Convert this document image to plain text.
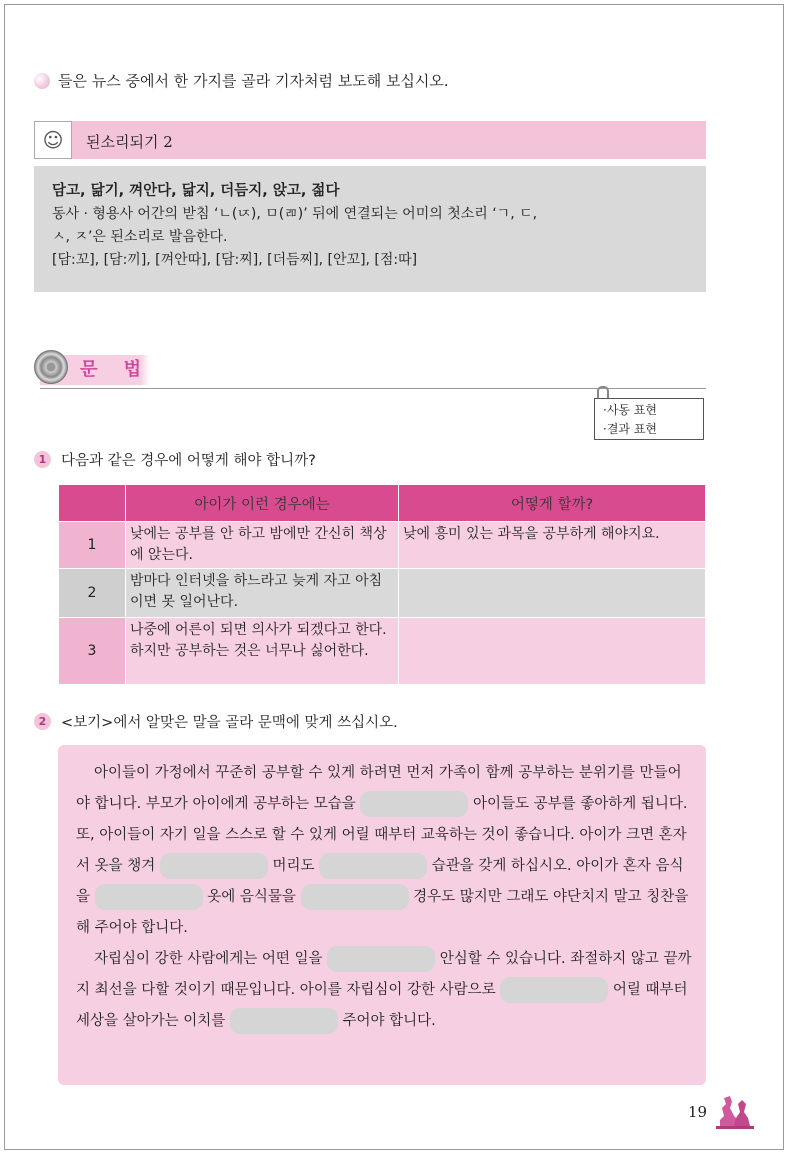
들은 뉴스 중에서 한 가지를 골라 기자처럼 보도해 보십시오.
☺	된소리되기 2
담고, 닮기, 껴안다, 닮지, 더듬지, 앉고, 젊다
동사 · 형용사 어간의 받침 ‘ㄴ(ㄵ), ㅁ(ㄻ)’ 뒤에 연결되는 어미의 첫소리 ‘ㄱ, ㄷ,
ㅅ, ㅈ’은 된소리로 발음한다.
[담:꼬], [담:끼], [껴안따], [담:찌], [더듬찌], [안꼬], [점:따]
문 법
·사동 표현
·결과 표현
1	다음과 같은 경우에 어떻게 해야 합니까?
	아이가 이런 경우에는	어떻게 할까?
1	낮에는 공부를 안 하고 밤에만 간신히 책상에 앉는다.	낮에 흥미 있는 과목을 공부하게 해야지요.
2	밤마다 인터넷을 하느라고 늦게 자고 아침이면 못 일어난다.	
3	나중에 어른이 되면 의사가 되겠다고 한다. 하지만 공부하는 것은 너무나 싫어한다.	
2	<보기>에서 알맞은 말을 골라 문맥에 맞게 쓰십시오.
아이들이 가정에서 꾸준히 공부할 수 있게 하려면 먼저 가족이 함께 공부하는 분위기를 만들어야 합니다. 부모가 아이에게 공부하는 모습을	아이들도 공부를 좋아하게 됩니다. 또, 아이들이 자기 일을 스스로 할 수 있게 어릴 때부터 교육하는 것이 좋습니다. 아이가 크면 혼자서 옷을 챙겨	머리도	습관을 갖게 하십시오. 아이가 혼자 음식을	옷에 음식물을	경우도 많지만 그래도 야단치지 말고 칭찬을 해 주어야 합니다.
자립심이 강한 사람에게는 어떤 일을	안심할 수 있습니다. 좌절하지 않고 끝까지 최선을 다할 것이기 때문입니다. 아이를 자립심이 강한 사람으로	어릴 때부터 세상을 살아가는 이치를	주어야 합니다.
19
